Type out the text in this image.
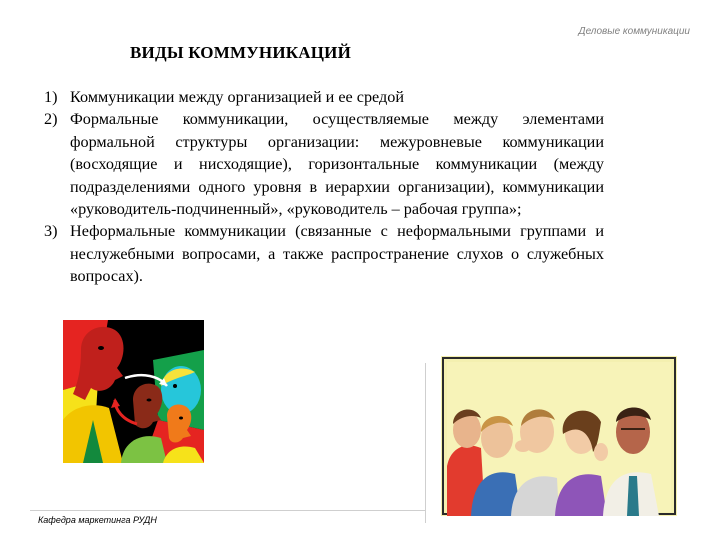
Деловые коммуникации
ВИДЫ КОММУНИКАЦИЙ
1) Коммуникации между организацией и ее средой
2) Формальные коммуникации, осуществляемые между элементами формальной структуры организации: межуровневые коммуникации (восходящие и нисходящие), горизонтальные коммуникации (между подразделениями одного уровня в иерархии организации), коммуникации «руководитель-подчиненный», «руководитель – рабочая группа»;
3) Неформальные коммуникации (связанные с неформальными группами и неслужебными вопросами, а также распространение слухов о служебных вопросах).
Кафедра маркетинга РУДН
